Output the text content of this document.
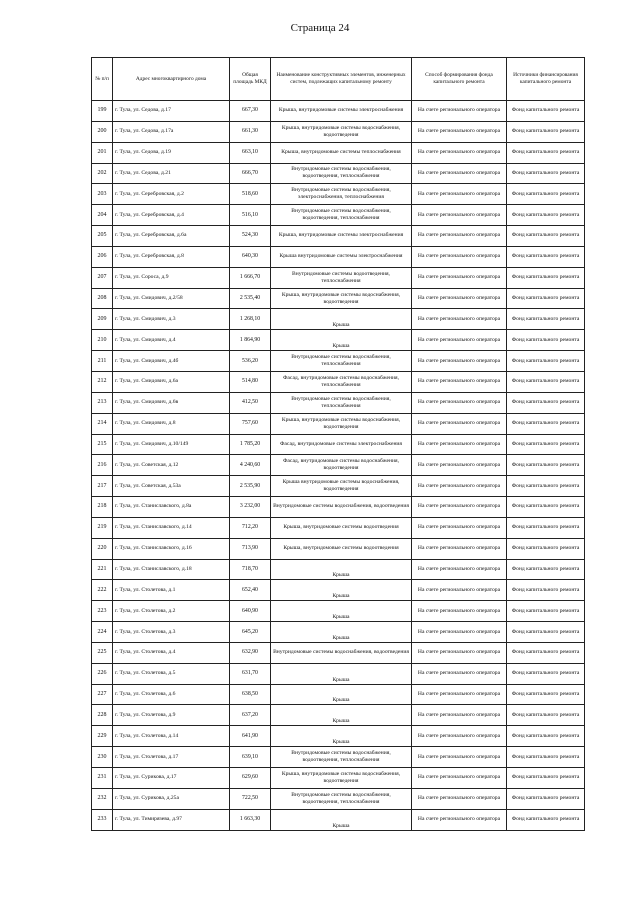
Страница 24
№ п/п	Адрес многоквартирного дома	Общая площадь МКД	Наименование конструктивных элементов, инженерных систем, подлежащих капитальному ремонту	Способ формирования фонда капитального ремонта	Источники финансирования капитального ремонта
199	г. Тула, ул. Седова, д.17	667,30	Крыша, внутридомовые системы электроснабжения	На счете регионального оператора	Фонд капитального ремонта
200	г. Тула, ул. Седова, д.17а	661,30	Крыша, внутридомовые системы водоснабжения, водоотведения	На счете регионального оператора	Фонд капитального ремонта
201	г. Тула, ул. Седова, д.19	663,10	Крыша, внутридомовые системы теплоснабжения	На счете регионального оператора	Фонд капитального ремонта
202	г. Тула, ул. Седова, д.21	666,70	Внутридомовые системы водоснабжения, водоотведения, теплоснабжения	На счете регионального оператора	Фонд капитального ремонта
203	г. Тула, ул. Серебровская, д.2	518,60	Внутридомовые системы водоснабжения, электроснабжения, теплоснабжения	На счете регионального оператора	Фонд капитального ремонта
204	г. Тула, ул. Серебровская, д.4	516,10	Внутридомовые системы водоснабжения, водоотведения, теплоснабжения	На счете регионального оператора	Фонд капитального ремонта
205	г. Тула, ул. Серебровская, д.6а	524,30	Крыша, внутридомовые системы электроснабжения	На счете регионального оператора	Фонд капитального ремонта
206	г. Тула, ул. Серебровская, д.8	640,30	Крыша внутридомовые системы электроснабжения	На счете регионального оператора	Фонд капитального ремонта
207	г. Тула, ул. Сороса, д.9	1 666,70	Внутридомовые системы водоотведения, теплоснабжения	На счете регионального оператора	Фонд капитального ремонта
208	г. Тула, ул. Смидович, д.2/58	2 535,40	Крыша, внутридомовые системы водоснабжения, водоотведения	На счете регионального оператора	Фонд капитального ремонта
209	г. Тула, ул. Смидович, д.3	1 268,10	Крыша	На счете регионального оператора	Фонд капитального ремонта
210	г. Тула, ул. Смидович, д.4	1 864,90	Крыша	На счете регионального оператора	Фонд капитального ремонта
211	г. Тула, ул. Смидович, д.4б	536,20	Внутридомовые системы водоснабжения, теплоснабжения	На счете регионального оператора	Фонд капитального ремонта
212	г. Тула, ул. Смидович, д.6а	514,80	Фасад, внутридомовые системы водоснабжения, теплоснабжения	На счете регионального оператора	Фонд капитального ремонта
213	г. Тула, ул. Смидович, д.6в	412,50	Внутридомовые системы водоснабжения, теплоснабжения	На счете регионального оператора	Фонд капитального ремонта
214	г. Тула, ул. Смидович, д.8	757,60	Крыша, внутридомовые системы водоснабжения, водоотведения	На счете регионального оператора	Фонд капитального ремонта
215	г. Тула, ул. Смидович, д.10/149	1 785,20	Фасад, внутридомовые системы электроснабжения	На счете регионального оператора	Фонд капитального ремонта
216	г. Тула, ул. Советская, д.12	4 240,60	Фасад, внутридомовые системы водоснабжения, водоотведения	На счете регионального оператора	Фонд капитального ремонта
217	г. Тула, ул. Советская, д.53а	2 535,90	Крыша внутридомовые системы водоснабжения, водоотведения	На счете регионального оператора	Фонд капитального ремонта
218	г. Тула, ул. Станиславского, д.8а	3 232,00	Внутридомовые системы водоснабжения, водоотведения	На счете регионального оператора	Фонд капитального ремонта
219	г. Тула, ул. Станиславского, д.14	712,20	Крыша, внутридомовые системы водоотведения	На счете регионального оператора	Фонд капитального ремонта
220	г. Тула, ул. Станиславского, д.16	713,90	Крыша, внутридомовые системы водоотведения	На счете регионального оператора	Фонд капитального ремонта
221	г. Тула, ул. Станиславского, д.18	718,70	Крыша	На счете регионального оператора	Фонд капитального ремонта
222	г. Тула, ул. Столетова, д.1	652,40	Крыша	На счете регионального оператора	Фонд капитального ремонта
223	г. Тула, ул. Столетова, д.2	640,90	Крыша	На счете регионального оператора	Фонд капитального ремонта
224	г. Тула, ул. Столетова, д.3	645,20	Крыша	На счете регионального оператора	Фонд капитального ремонта
225	г. Тула, ул. Столетова, д.4	632,90	Внутридомовые системы водоснабжения, водоотведения	На счете регионального оператора	Фонд капитального ремонта
226	г. Тула, ул. Столетова, д.5	631,70	Крыша	На счете регионального оператора	Фонд капитального ремонта
227	г. Тула, ул. Столетова, д.6	638,50	Крыша	На счете регионального оператора	Фонд капитального ремонта
228	г. Тула, ул. Столетова, д.9	637,20	Крыша	На счете регионального оператора	Фонд капитального ремонта
229	г. Тула, ул. Столетова, д.14	641,90	Крыша	На счете регионального оператора	Фонд капитального ремонта
230	г. Тула, ул. Столетова, д.17	639,10	Внутридомовые системы водоснабжения, водоотведения, теплоснабжения	На счете регионального оператора	Фонд капитального ремонта
231	г. Тула, ул. Сурикова, д.17	629,60	Крыша, внутридомовые системы водоснабжения, водоотведения	На счете регионального оператора	Фонд капитального ремонта
232	г. Тула, ул. Сурикова, д.25а	722,50	Внутридомовые системы водоснабжения, водоотведения, теплоснабжения	На счете регионального оператора	Фонд капитального ремонта
233	г. Тула, ул. Тимирязева, д.97	1 663,30	Крыша	На счете регионального оператора	Фонд капитального ремонта
